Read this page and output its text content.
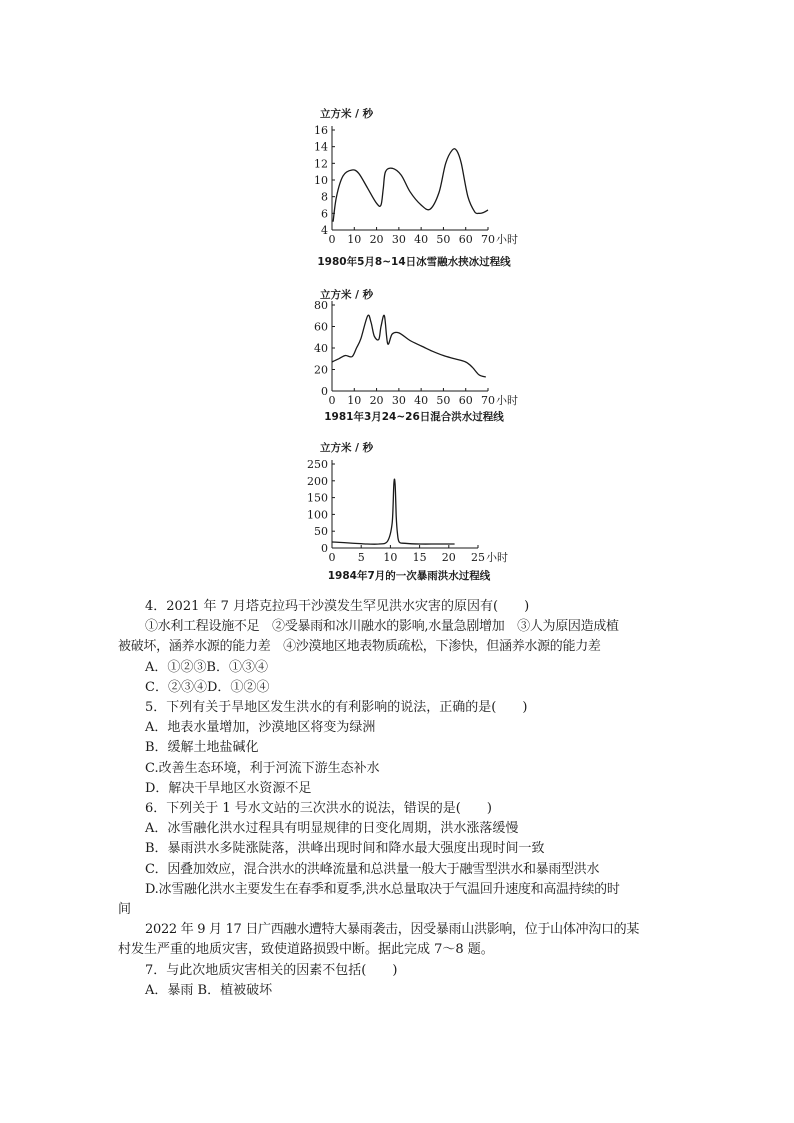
立方米 / 秒
4
6
8
10
12
14
16
0 10 20 30 40 50 60 70 小时
1980年5月8~14日冰雪融水挟冰过程线
立方米 / 秒
0
20
40
60
80
0 10 20 30 40 50 60 70 小时
1981年3月24~26日混合洪水过程线
立方米 / 秒
0
50
100
150
200
250
0 5 10 15 20 25 小时
1984年7月的一次暴雨洪水过程线

4．2021 年 7 月塔克拉玛干沙漠发生罕见洪水灾害的原因有(　　)

①水利工程设施不足　②受暴雨和冰川融水的影响,水量急剧增加　③人为原因造成植

被破坏，涵养水源的能力差　④沙漠地区地表物质疏松，下渗快，但涵养水源的能力差

A．①②③B．①③④

C．②③④D．①②④

5．下列有关于旱地区发生洪水的有利影响的说法，正确的是(　　)

A．地表水量增加，沙漠地区将变为绿洲

B．缓解土地盐碱化

C.改善生态环境，利于河流下游生态补水

D．解决干旱地区水资源不足

6．下列关于 1 号水文站的三次洪水的说法，错误的是(　　)

A．冰雪融化洪水过程具有明显规律的日变化周期，洪水涨落缓慢

B．暴雨洪水多陡涨陡落，洪峰出现时间和降水最大强度出现时间一致

C．因叠加效应，混合洪水的洪峰流量和总洪量一般大于融雪型洪水和暴雨型洪水

D.冰雪融化洪水主要发生在春季和夏季,洪水总量取决于气温回升速度和高温持续的时

间

2022 年 9 月 17 日广西融水遭特大暴雨袭击，因受暴雨山洪影响，位于山体冲沟口的某

村发生严重的地质灾害，致使道路损毁中断。据此完成 7～8 题。

7．与此次地质灾害相关的因素不包括(　　)

A．暴雨 B．植被破坏
